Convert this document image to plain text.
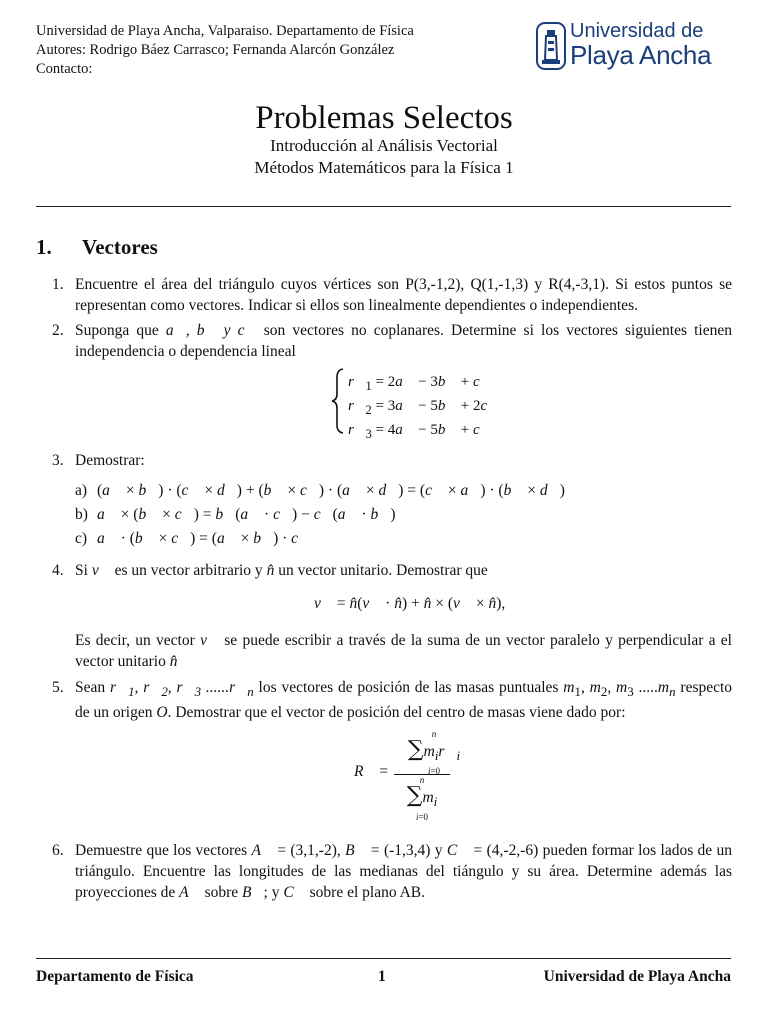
Universidad de Playa Ancha, Valparaiso. Departamento de Física
Autores: Rodrigo Báez Carrasco; Fernanda Alarcón González
Contacto:
Universidad de
Playa Ancha
Problemas Selectos
Introducción al Análisis Vectorial
Métodos Matemáticos para la Física 1
1. Vectores
1. Encuentre el área del triángulo cuyos vértices son P(3,-1,2), Q(1,-1,3) y R(4,-3,1). Si estos puntos se representan como vectores. Indicar si ellos son linealmente dependientes o independientes.
2. Suponga que a⃗, b⃗ y c⃗ son vectores no coplanares. Determine si los vectores siguientes tienen independencia o dependencia lineal
$r⃗_1$ = 2a⃗ − 3b⃗ + c⃗
$r⃗_2$ = 3a⃗ − 5b⃗ + 2c⃗
$r⃗_3$ = 4a⃗ − 5b⃗ + c⃗
3. Demostrar:
a) (a⃗ × b⃗) · (c⃗ × d⃗) + (b⃗ × c⃗) · (a⃗ × d⃗) = (c⃗ × a⃗) · (b⃗ × d⃗)
b) a⃗ × (b⃗ × c⃗) = b⃗(a⃗ · c⃗) − c⃗(a⃗ · b⃗)
c) a⃗ · (b⃗ × c⃗) = (a⃗ × b⃗) · c⃗
4. Si v⃗ es un vector arbitrario y n̂ un vector unitario. Demostrar que
v⃗ = n̂(v⃗ · n̂) + n̂ × (v⃗ × n̂),
Es decir, un vector v⃗ se puede escribir a través de la suma de un vector paralelo y perpendicular a el vector unitario n̂
5. Sean $r⃗_1$, $r⃗_2$, $r⃗_3$ $......r⃗_n$ los vectores de posición de las masas puntuales $m_1$, $m_2$, $m_3$ $.....m_n$ respecto de un origen O. Demostrar que el vector de posición del centro de masas viene dado por:
R⃗ =
n
$\sum m_ir⃗_i$
i=0
n
$\sum m_i$
i=0
6. Demuestre que los vectores A⃗ = (3,1,-2), B⃗ = (-1,3,4) y C⃗ = (4,-2,-6) pueden formar los lados de un triángulo. Encuentre las longitudes de las medianas del tiángulo y su área. Determine además las proyecciones de A⃗ sobre B⃗; y C⃗ sobre el plano AB.
Departamento de Física	1	Universidad de Playa Ancha
